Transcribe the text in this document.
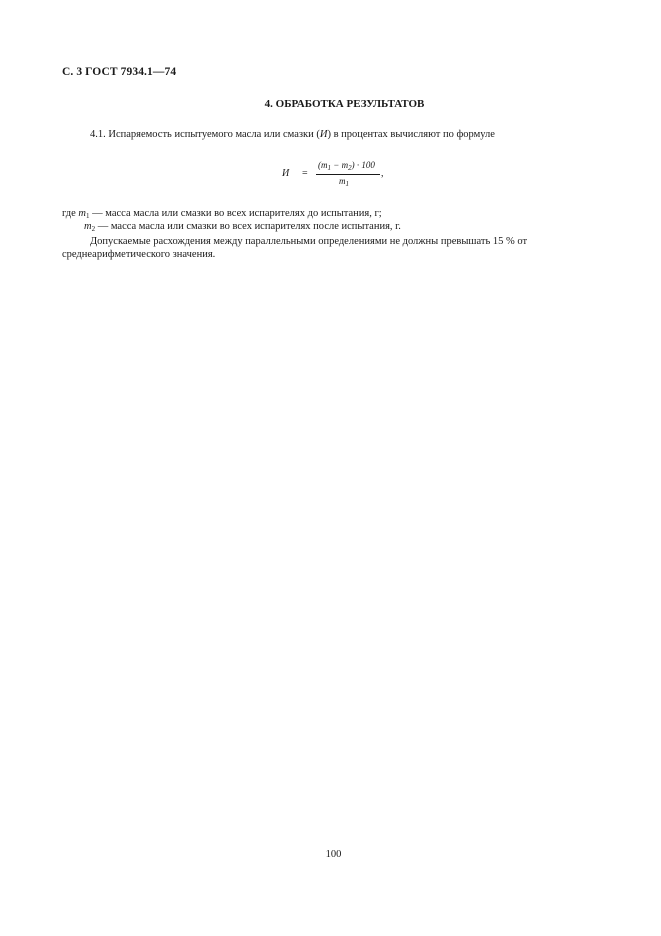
С. 3 ГОСТ 7934.1—74
4. ОБРАБОТКА РЕЗУЛЬТАТОВ
4.1. Испаряемость испытуемого масла или смазки (И) в процентах вычисляют по формуле
И =
$(m_1 - m_2) \cdot 100$
$m_1$
,
где $m_1$ — масса масла или смазки во всех испарителях до испытания, г;
$m_2$ — масса масла или смазки во всех испарителях после испытания, г.
Допускаемые расхождения между параллельными определениями не должны превышать 15 % от
среднеарифметического значения.
100
